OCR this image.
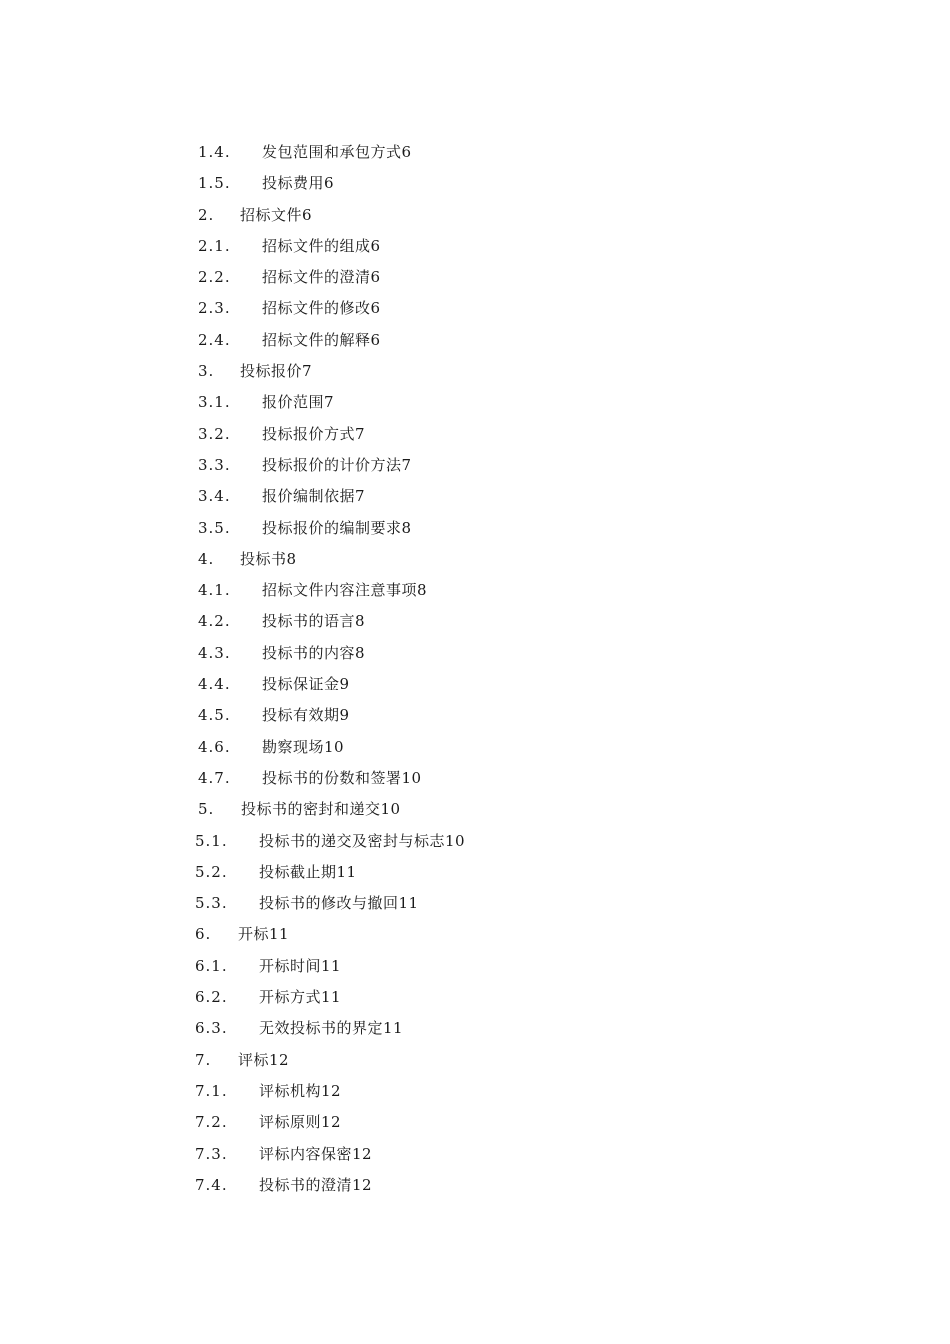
1.4. 发包范围和承包方式6
1.5. 投标费用6
2. 招标文件6
2.1. 招标文件的组成6
2.2. 招标文件的澄清6
2.3. 招标文件的修改6
2.4. 招标文件的解释6
3. 投标报价7
3.1. 报价范围7
3.2. 投标报价方式7
3.3. 投标报价的计价方法7
3.4. 报价编制依据7
3.5. 投标报价的编制要求8
4. 投标书8
4.1. 招标文件内容注意事项8
4.2. 投标书的语言8
4.3. 投标书的内容8
4.4. 投标保证金9
4.5. 投标有效期9
4.6. 勘察现场10
4.7. 投标书的份数和签署10
5. 投标书的密封和递交10
5.1. 投标书的递交及密封与标志10
5.2. 投标截止期11
5.3. 投标书的修改与撤回11
6. 开标11
6.1. 开标时间11
6.2. 开标方式11
6.3. 无效投标书的界定11
7. 评标12
7.1. 评标机构12
7.2. 评标原则12
7.3. 评标内容保密12
7.4. 投标书的澄清12
